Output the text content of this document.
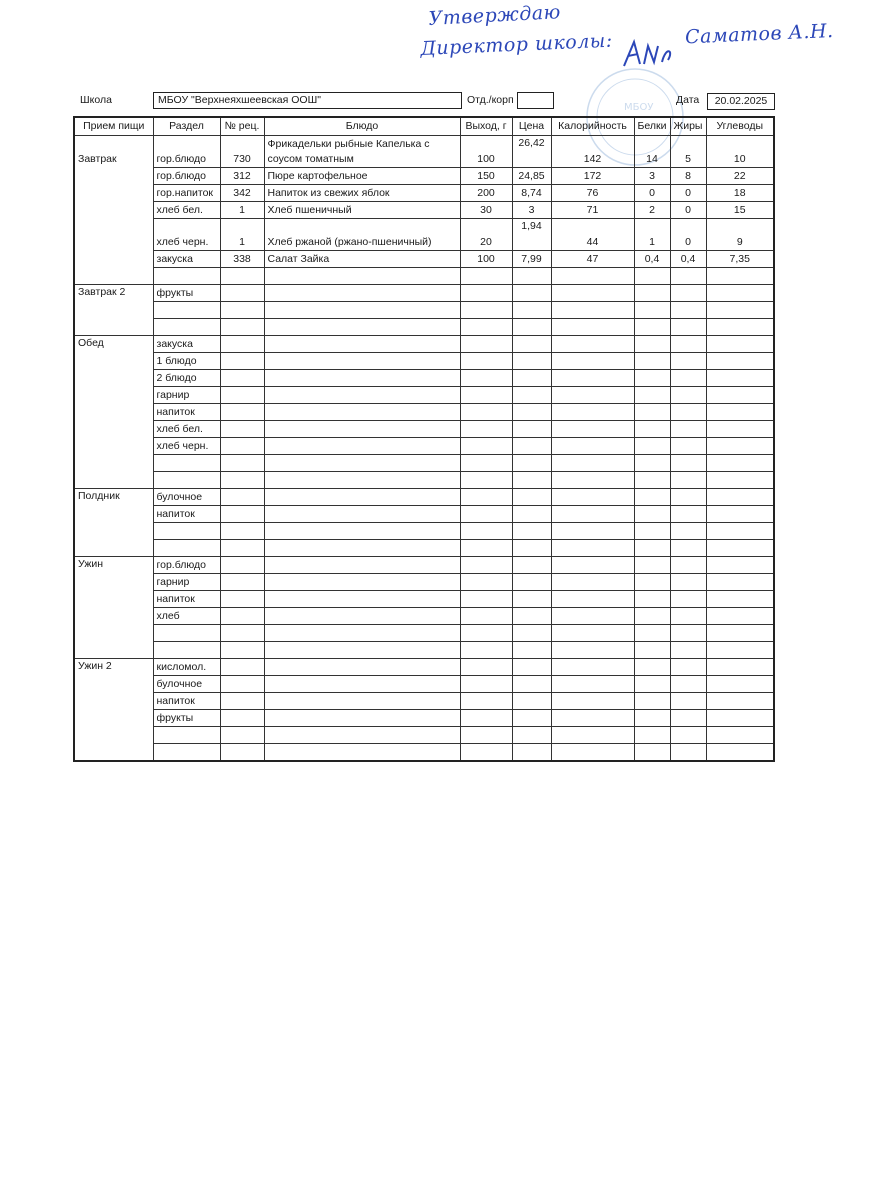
Утверждаю
Директор школы:	Саматов А.Н.
МБОУ
Школа	МБОУ "Верхнеяхшеевская ООШ"	Отд./корп	Дата	20.02.2025
Прием пищи	Раздел	№ рец.	Блюдо	Выход, г	Цена	Калорийность	Белки	Жиры	Углеводы
Завтрак	гор.блюдо	730	Фрикадельки рыбные Капелька с соусом томатным	100	26,42	142	14	5	10
	гор.блюдо	312	Пюре картофельное	150	24,85	172	3	8	22
	гор.напиток	342	Напиток из свежих яблок	200	8,74	76	0	0	18
	хлеб бел.	1	Хлеб пшеничный	30	3	71	2	0	15
	хлеб черн.	1	Хлеб ржаной (ржано-пшеничный)	20	1,94	44	1	0	9
	закуска	338	Салат Зайка	100	7,99	47	0,4	0,4	7,35

Завтрак 2	фрукты								

Обед	закуска								
	1 блюдо								
	2 блюдо								
	гарнир								
	напиток								
	хлеб бел.								
	хлеб черн.								

Полдник	булочное								
	напиток								

Ужин	гор.блюдо								
	гарнир								
	напиток								
	хлеб								

Ужин 2	кисломол.								
	булочное								
	напиток								
	фрукты								
